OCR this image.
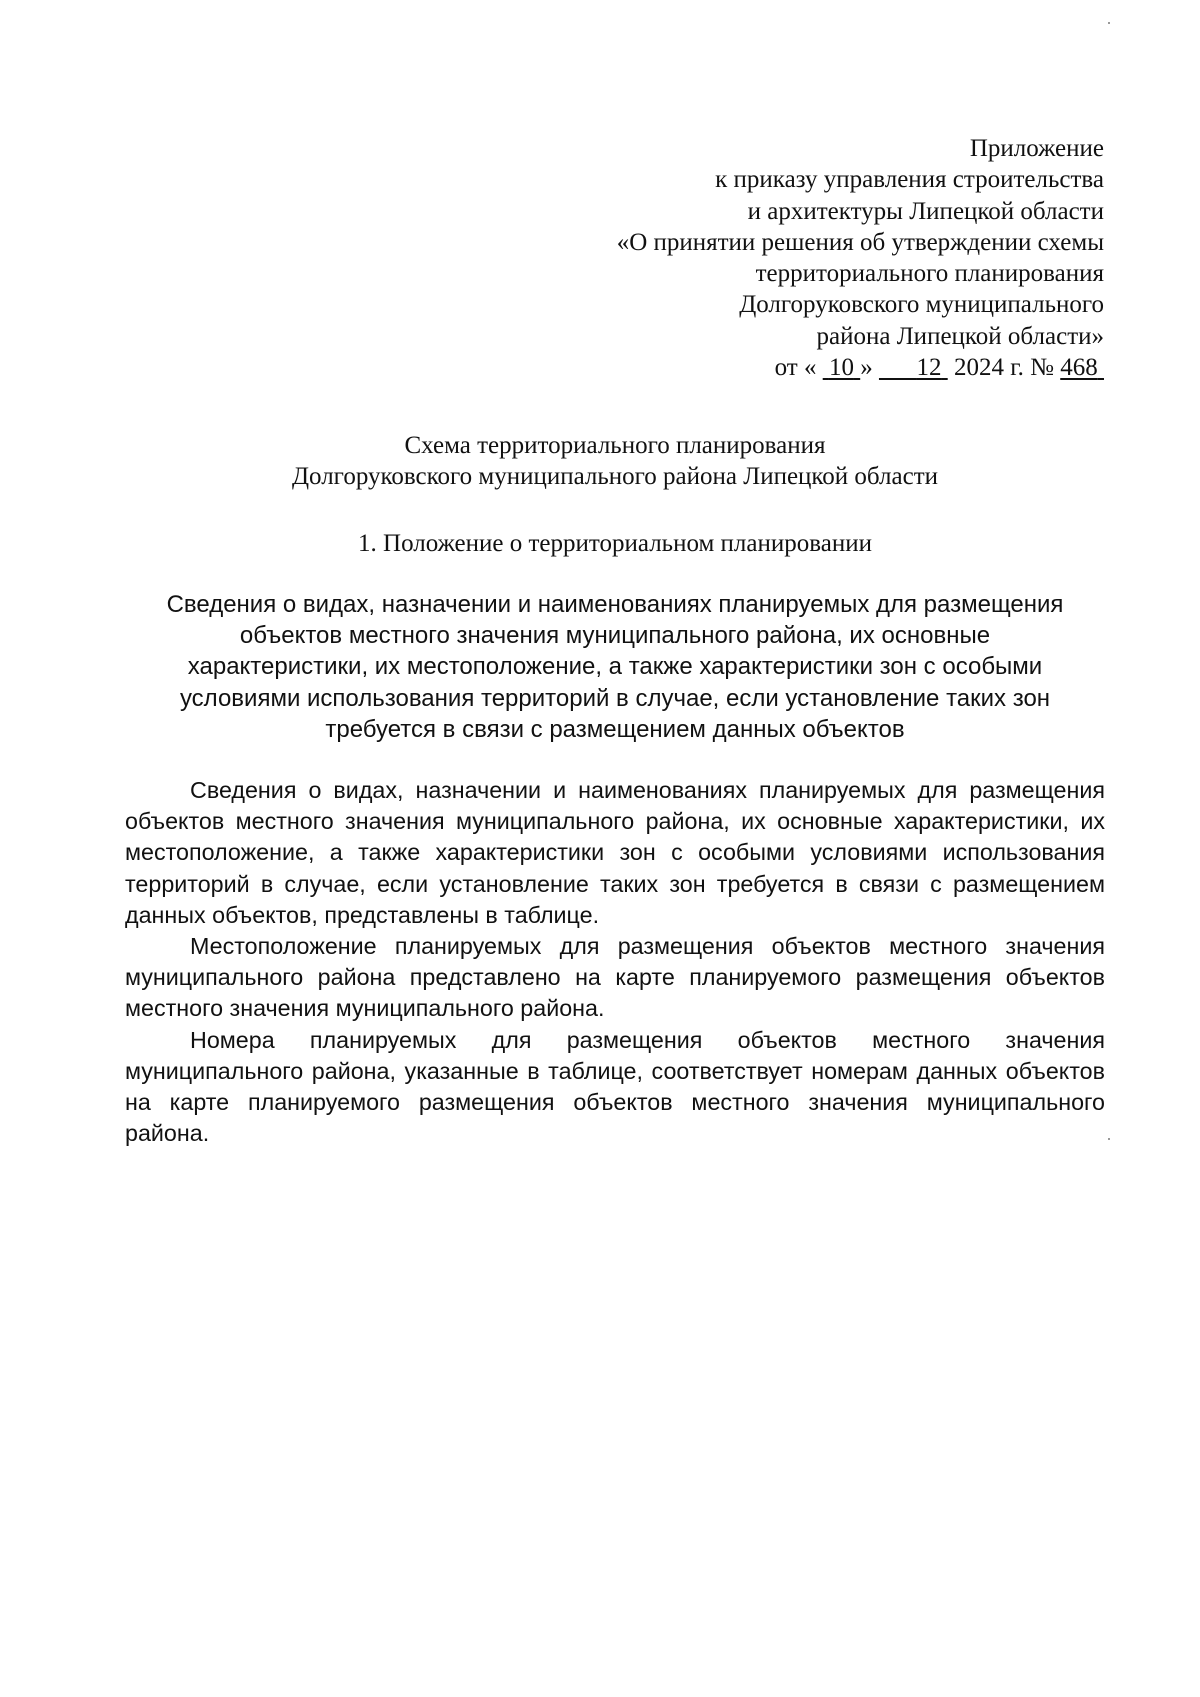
Приложение
к приказу управления строительства
и архитектуры Липецкой области
«О принятии решения об утверждении схемы
территориального планирования
Долгоруковского муниципального
района Липецкой области»
от « 10 » 12 2024 г. № 468
Схема территориального планирования
Долгоруковского муниципального района Липецкой области
1. Положение о территориальном планировании
Сведения о видах, назначении и наименованиях планируемых для размещения
объектов местного значения муниципального района, их основные
характеристики, их местоположение, а также характеристики зон с особыми
условиями использования территорий в случае, если установление таких зон
требуется в связи с размещением данных объектов

Сведения о видах, назначении и наименованиях планируемых для размещения объектов местного значения муниципального района, их основные характеристики, их местоположение, а также характеристики зон с особыми условиями использования территорий в случае, если установление таких зон требуется в связи с размещением данных объектов, представлены в таблице.

Местоположение планируемых для размещения объектов местного значения муниципального района представлено на карте планируемого размещения объектов местного значения муниципального района.

Номера планируемых для размещения объектов местного значения муниципального района, указанные в таблице, соответствует номерам данных объектов на карте планируемого размещения объектов местного значения муниципального района.
